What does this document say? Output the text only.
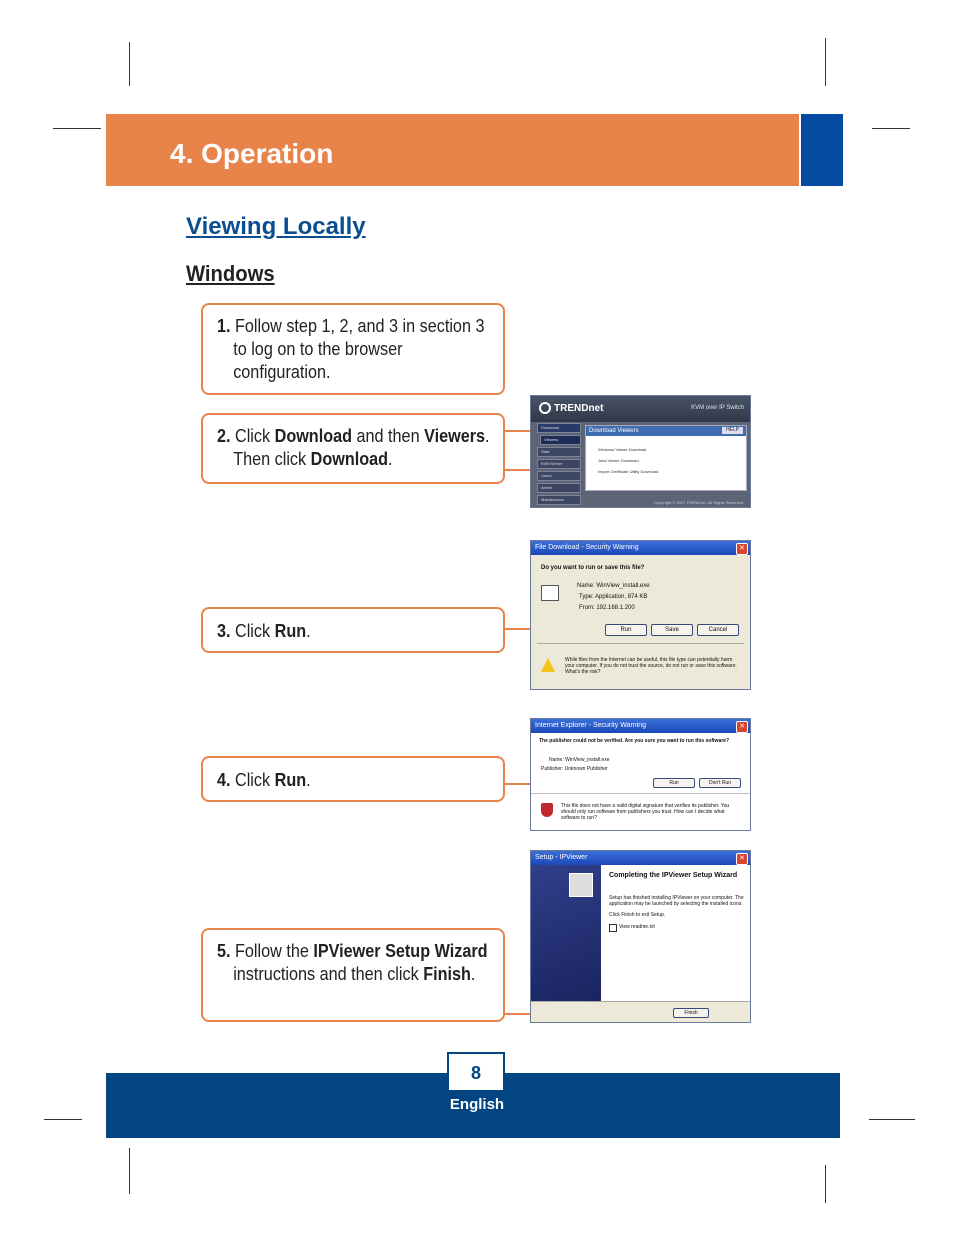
4. Operation
Viewing Locally
Windows
1. Follow step 1, 2, and 3 in section 3 to log on to the browser configuration.
2. Click Download and then Viewers. Then click Download.
3. Click Run.
4. Click Run.
5. Follow the IPViewer Setup Wizard instructions and then click Finish.
TRENDnet	KVM over IP Switch
Download
Viewers
Start
KVM Server
Users
Admin
Maintenance
Download Viewers	HELP
Windows Viewer Download
Java Viewer Download
Import Certificate Utility Download
Copyright © 2007 TRENDnet. All Rights Reserved.
File Download - Security Warning	✕
Do you want to run or save this file?
Name: WinView_install.exe
Type: Application, 874 KB
From: 192.168.1.200
Run	Save	Cancel
While files from the Internet can be useful, this file type can potentially harm your computer. If you do not trust the source, do not run or save this software. What's the risk?
Internet Explorer - Security Warning	✕
The publisher could not be verified. Are you sure you want to run this software?
Name: WinView_install.exe
Publisher: Unknown Publisher
Run	Don't Run
This file does not have a valid digital signature that verifies its publisher. You should only run software from publishers you trust. How can I decide what software to run?
Setup - IPViewer	✕
Completing the IPViewer Setup Wizard
Setup has finished installing IPViewer on your computer. The application may be launched by selecting the installed icons.
Click Finish to exit Setup.
View readme.txt
Finish
8
English
